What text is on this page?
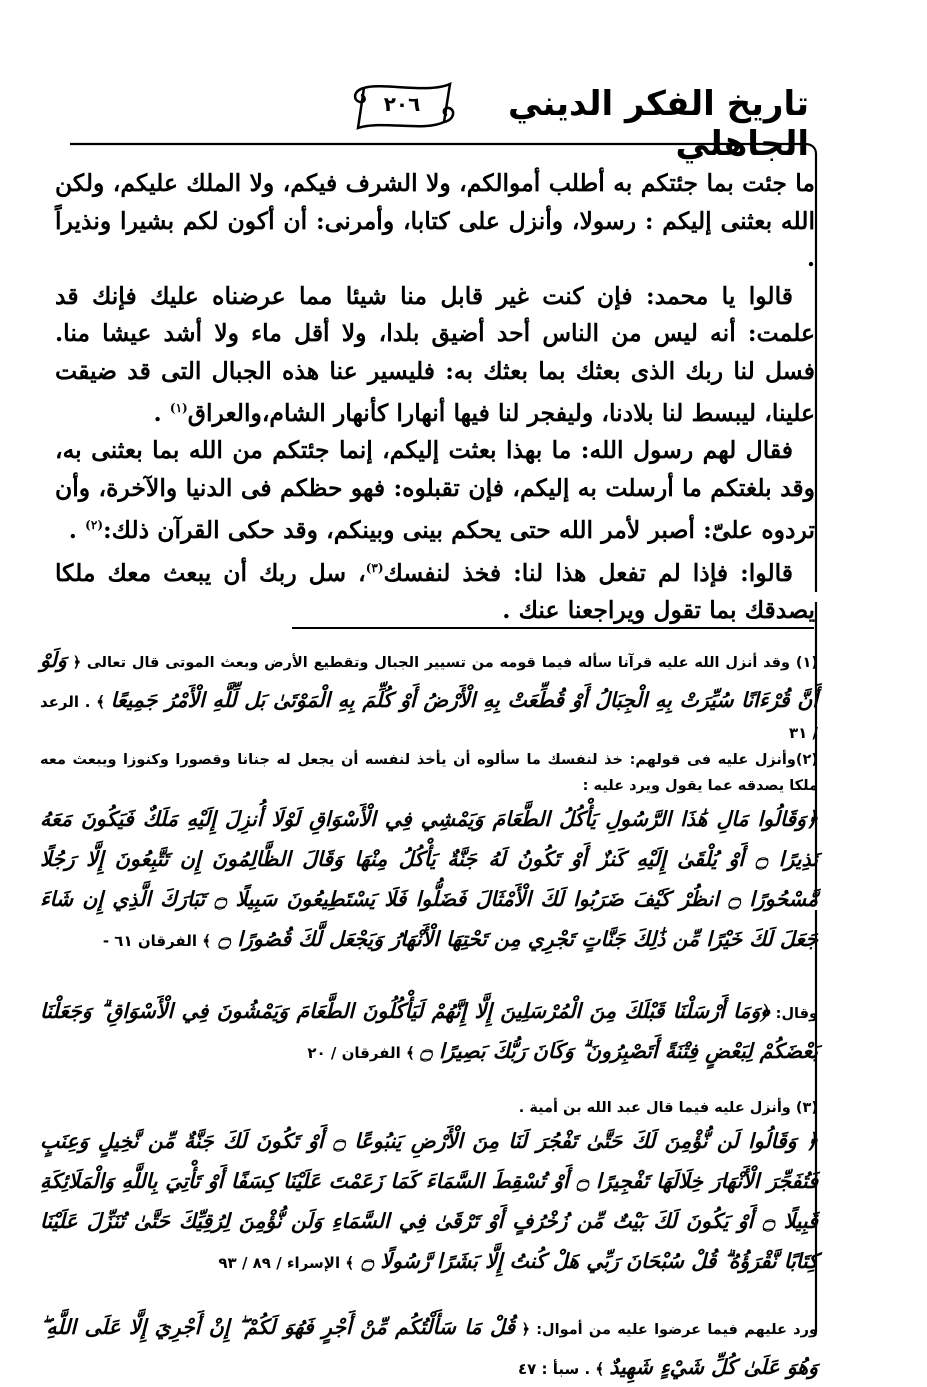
تاريخ الفكر الديني الجاهلي
٢٠٦

ما جئت بما جئتكم به أطلب أموالكم، ولا الشرف فيكم، ولا الملك عليكم، ولكن الله بعثنى إليكم : رسولا، وأنزل على كتابا، وأمرنى: أن أكون لكم بشيرا ونذيراً .

قالوا يا محمد: فإن كنت غير قابل منا شيئا مما عرضناه عليك فإنك قد علمت: أنه ليس من الناس أحد أضيق بلدا، ولا أقل ماء ولا أشد عيشا منا. فسل لنا ربك الذى بعثك بما بعثك به: فليسير عنا هذه الجبال التى قد ضيقت علينا، ليبسط لنا بلادنا، وليفجر لنا فيها أنهارا كأنهار الشام،والعراق$^{(١)}$ .

فقال لهم رسول الله: ما بهذا بعثت إليكم، إنما جئتكم من الله بما بعثنى به، وقد بلغتكم ما أرسلت به إليكم، فإن تقبلوه: فهو حظكم فى الدنيا والآخرة، وأن تردوه علىّ: أصبر لأمر الله حتى يحكم بينى وبينكم، وقد حكى القرآن ذلك:$^{(٢)}$ .

قالوا: فإذا لم تفعل هذا لنا: فخذ لنفسك$^{(٣)}$، سل ربك أن يبعث معك ملكا يصدقك بما تقول ويراجعنا عنك .

(١) وقد أنزل الله عليه قرآنا سأله فيما قومه من تسيير الجبال وتقطيع الأرض وبعث الموتى قال تعالى ﴿ وَلَوْ أَنَّ قُرْءَانًا سُيِّرَتْ بِهِ الْجِبَالُ أَوْ قُطِّعَتْ بِهِ الْأَرْضُ أَوْ كُلِّمَ بِهِ الْمَوْتَىٰ بَل لِّلَّهِ الْأَمْرُ جَمِيعًا ﴾ . الرعد / ٣١
(٢)وأنزل عليه فى قولهم: خذ لنفسك ما سألوه أن يأخذ لنفسه أن يجعل له جنانا وقصورا وكنوزا ويبعث معه ملكا يصدقه عما يقول ويرد عليه :
﴿وَقَالُوا مَالِ هَٰذَا الرَّسُولِ يَأْكُلُ الطَّعَامَ وَيَمْشِي فِي الْأَسْوَاقِ لَوْلَا أُنزِلَ إِلَيْهِ مَلَكٌ فَيَكُونَ مَعَهُ نَذِيرًا ۝ أَوْ يُلْقَىٰ إِلَيْهِ كَنزٌ أَوْ تَكُونُ لَهُ جَنَّةٌ يَأْكُلُ مِنْهَا وَقَالَ الظَّالِمُونَ إِن تَتَّبِعُونَ إِلَّا رَجُلًا مَّسْحُورًا ۝ انظُرْ كَيْفَ ضَرَبُوا لَكَ الْأَمْثَالَ فَضَلُّوا فَلَا يَسْتَطِيعُونَ سَبِيلًا ۝ تَبَارَكَ الَّذِي إِن شَاءَ جَعَلَ لَكَ خَيْرًا مِّن ذَٰلِكَ جَنَّاتٍ تَجْرِي مِن تَحْتِهَا الْأَنْهَارُ وَيَجْعَل لَّكَ قُصُورًا ۝ ﴾ الفرقان ٦١ -
وقال: ﴿وَمَا أَرْسَلْنَا قَبْلَكَ مِنَ الْمُرْسَلِينَ إِلَّا إِنَّهُمْ لَيَأْكُلُونَ الطَّعَامَ وَيَمْشُونَ فِي الْأَسْوَاقِ ۗ وَجَعَلْنَا بَعْضَكُمْ لِبَعْضٍ فِتْنَةً أَتَصْبِرُونَ ۗ وَكَانَ رَبُّكَ بَصِيرًا ۝ ﴾ الفرقان / ٢٠
(٣) وأنزل عليه فيما قال عبد الله بن أمية .
﴿ وَقَالُوا لَن نُّؤْمِنَ لَكَ حَتَّىٰ تَفْجُرَ لَنَا مِنَ الْأَرْضِ يَنبُوعًا ۝ أَوْ تَكُونَ لَكَ جَنَّةٌ مِّن نَّخِيلٍ وَعِنَبٍ فَتُفَجِّرَ الْأَنْهَارَ خِلَالَهَا تَفْجِيرًا ۝ أَوْ تُسْقِطَ السَّمَاءَ كَمَا زَعَمْتَ عَلَيْنَا كِسَفًا أَوْ تَأْتِيَ بِاللَّهِ وَالْمَلَائِكَةِ قَبِيلًا ۝ أَوْ يَكُونَ لَكَ بَيْتٌ مِّن زُخْرُفٍ أَوْ تَرْقَىٰ فِي السَّمَاءِ وَلَن نُّؤْمِنَ لِرُقِيِّكَ حَتَّىٰ تُنَزِّلَ عَلَيْنَا كِتَابًا نَّقْرَؤُهُ ۗ قُلْ سُبْحَانَ رَبِّي هَلْ كُنتُ إِلَّا بَشَرًا رَّسُولًا ۝ ﴾ الإسراء / ٨٩ / ٩٣
ورد عليهم فيما عرضوا عليه من أموال: ﴿ قُلْ مَا سَأَلْتُكُم مِّنْ أَجْرٍ فَهُوَ لَكُمْ ۖ إِنْ أَجْرِيَ إِلَّا عَلَى اللَّهِ ۖ وَهُوَ عَلَىٰ كُلِّ شَيْءٍ شَهِيدٌ ﴾ . سبأ : ٤٧
